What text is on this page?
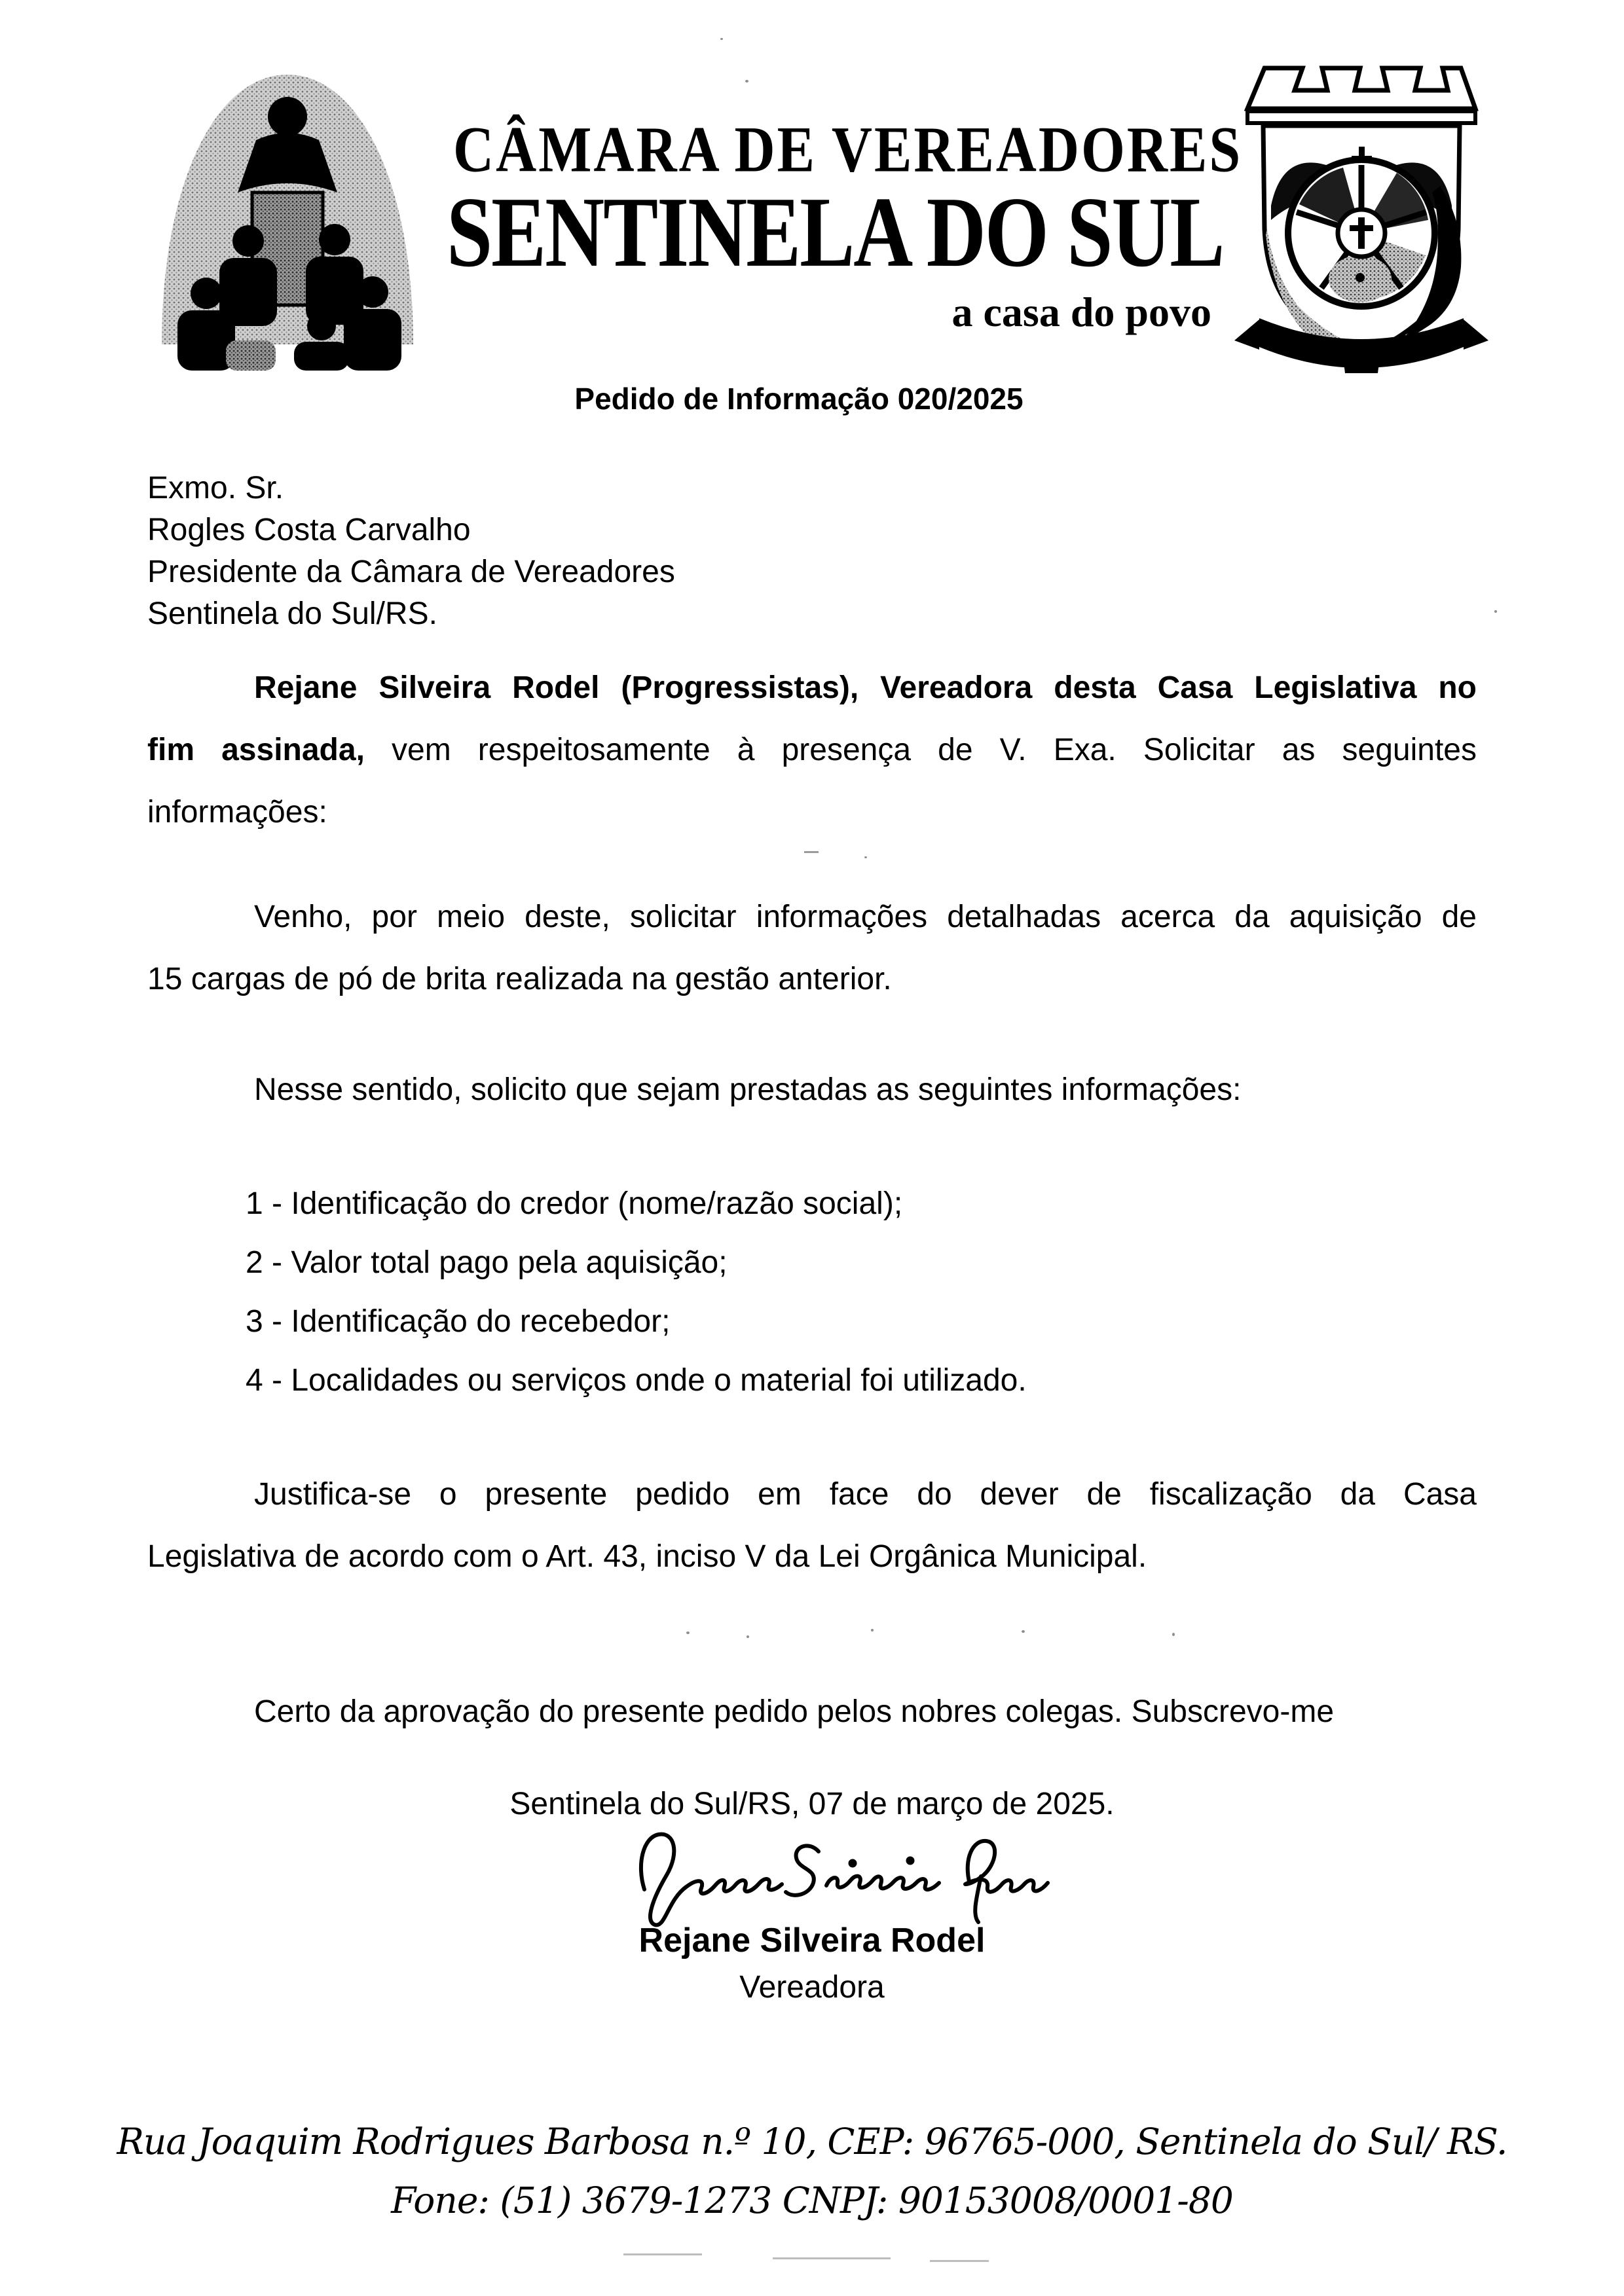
CÂMARA DE VEREADORES
SENTINELA DO SUL
a casa do povo
Pedido de Informação 020/2025
Exmo. Sr.
Rogles Costa Carvalho
Presidente da Câmara de Vereadores
Sentinela do Sul/RS.
Rejane Silveira Rodel (Progressistas), Vereadora desta Casa Legislativa no
fim assinada, vem respeitosamente à presença de V. Exa. Solicitar as seguintes
informações:
Venho, por meio deste, solicitar informações detalhadas acerca da aquisição de
15 cargas de pó de brita realizada na gestão anterior.
Nesse sentido, solicito que sejam prestadas as seguintes informações:
1 - Identificação do credor (nome/razão social);
2 - Valor total pago pela aquisição;
3 - Identificação do recebedor;
4 - Localidades ou serviços onde o material foi utilizado.
Justifica-se o presente pedido em face do dever de fiscalização da Casa
Legislativa de acordo com o Art. 43, inciso V da Lei Orgânica Municipal.
Certo da aprovação do presente pedido pelos nobres colegas. Subscrevo-me
Sentinela do Sul/RS, 07 de março de 2025.
Rejane Silveira Rodel
Vereadora
Rua Joaquim Rodrigues Barbosa n.º 10, CEP: 96765-000, Sentinela do Sul/ RS.
Fone: (51) 3679-1273 CNPJ: 90153008/0001-80
